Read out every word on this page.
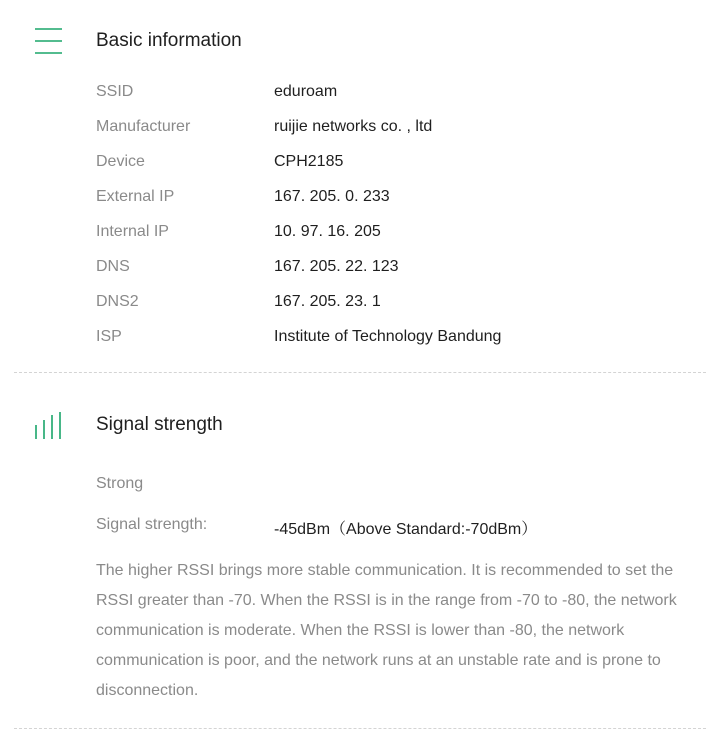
Basic information
SSID	eduroam
Manufacturer	ruijie networks co. , ltd
Device	CPH2185
External IP	167. 205. 0. 233
Internal IP	10. 97. 16. 205
DNS	167. 205. 22. 123
DNS2	167. 205. 23. 1
ISP	Institute of Technology Bandung
Signal strength
Strong
Signal strength:	-45dBm（Above Standard:-70dBm）
The higher RSSI brings more stable communication. It is recommended to set the RSSI greater than -70. When the RSSI is in the range from -70 to -80, the network communication is moderate. When the RSSI is lower than -80, the network communication is poor, and the network runs at an unstable rate and is prone to disconnection.
